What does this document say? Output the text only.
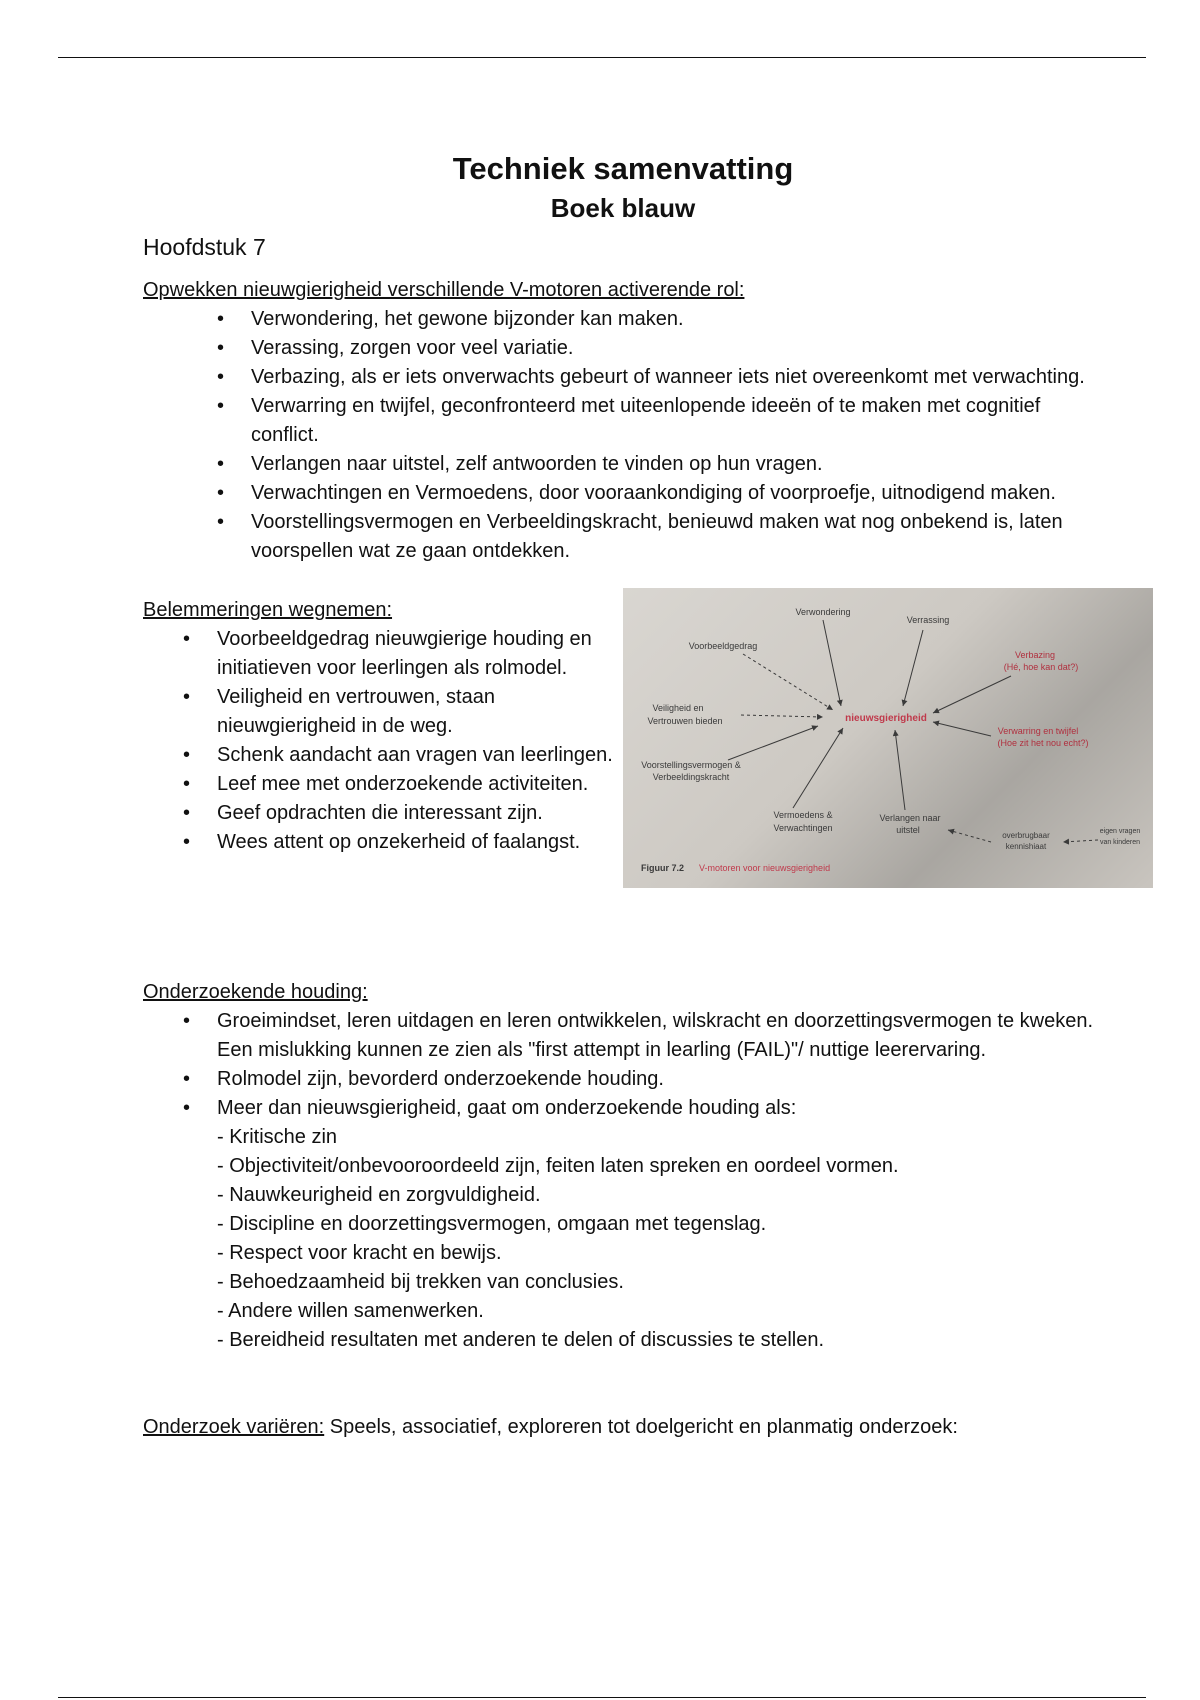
Techniek samenvatting
Boek blauw
Hoofdstuk 7
Opwekken nieuwgierigheid verschillende V-motoren activerende rol:
• Verwondering, het gewone bijzonder kan maken.
• Verassing, zorgen voor veel variatie.
• Verbazing, als er iets onverwachts gebeurt of wanneer iets niet overeenkomt met verwachting.
• Verwarring en twijfel, geconfronteerd met uiteenlopende ideeën of te maken met cognitief conflict.
• Verlangen naar uitstel, zelf antwoorden te vinden op hun vragen.
• Verwachtingen en Vermoedens, door vooraankondiging of voorproefje, uitnodigend maken.
• Voorstellingsvermogen en Verbeeldingskracht, benieuwd maken wat nog onbekend is, laten voorspellen wat ze gaan ontdekken.
Belemmeringen wegnemen:
• Voorbeeldgedrag nieuwgierige houding en initiatieven voor leerlingen als rolmodel.
• Veiligheid en vertrouwen, staan nieuwgierigheid in de weg.
• Schenk aandacht aan vragen van leerlingen.
• Leef mee met onderzoekende activiteiten.
• Geef opdrachten die interessant zijn.
• Wees attent op onzekerheid of faalangst.
Verwondering
Verrassing
Voorbeeldgedrag
Verbazing
(Hé, hoe kan dat?)
Veiligheid en
Vertrouwen bieden	nieuwsgierigheid
Verwarring en twijfel
(Hoe zit het nou echt?)
Voorstellingsvermogen &
Verbeeldingskracht
Vermoedens &
Verwachtingen
Verlangen naar
uitstel
overbrugbaar
kennishiaat
eigen vragen
van kinderen
Figuur 7.2 V-motoren voor nieuwsgierigheid
Onderzoekende houding:
• Groeimindset, leren uitdagen en leren ontwikkelen, wilskracht en doorzettingsvermogen te kweken. Een mislukking kunnen ze zien als "first attempt in learling (FAIL)"/ nuttige leerervaring.
• Rolmodel zijn, bevorderd onderzoekende houding.
• Meer dan nieuwsgierigheid, gaat om onderzoekende houding als:
- Kritische zin
- Objectiviteit/onbevooroordeeld zijn, feiten laten spreken en oordeel vormen.
- Nauwkeurigheid en zorgvuldigheid.
- Discipline en doorzettingsvermogen, omgaan met tegenslag.
- Respect voor kracht en bewijs.
- Behoedzaamheid bij trekken van conclusies.
- Andere willen samenwerken.
- Bereidheid resultaten met anderen te delen of discussies te stellen.
Onderzoek variëren: Speels, associatief, exploreren tot doelgericht en planmatig onderzoek:
